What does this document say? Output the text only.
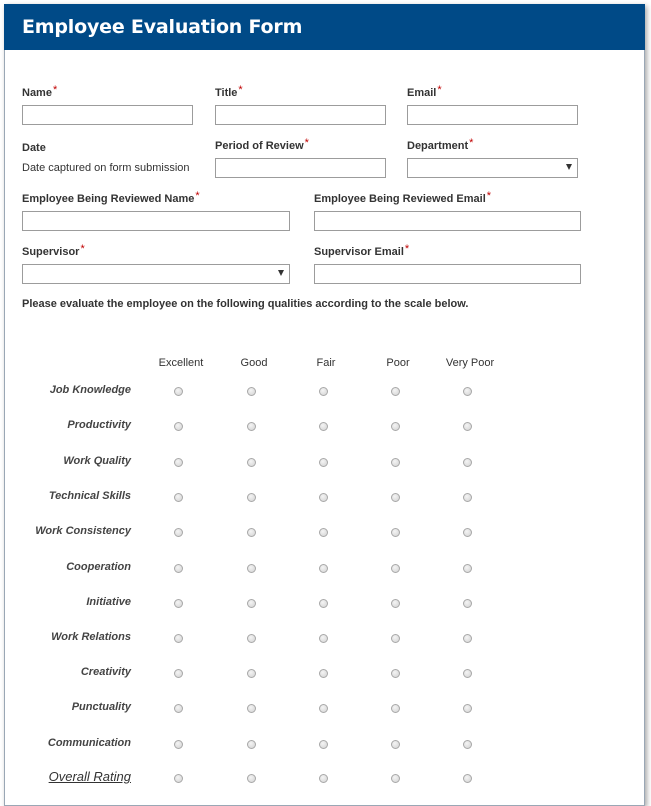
Employee Evaluation Form
Name*	Title*	Email*
Date
Date captured on form submission
Period of Review*	Department*
Employee Being Reviewed Name*	Employee Being Reviewed Email*
Supervisor*	Supervisor Email*
Please evaluate the employee on the following qualities according to the scale below.
Excellent	Good	Fair	Poor	Very Poor
Job Knowledge
Productivity
Work Quality
Technical Skills
Work Consistency
Cooperation
Initiative
Work Relations
Creativity
Punctuality
Communication
Overall Rating
